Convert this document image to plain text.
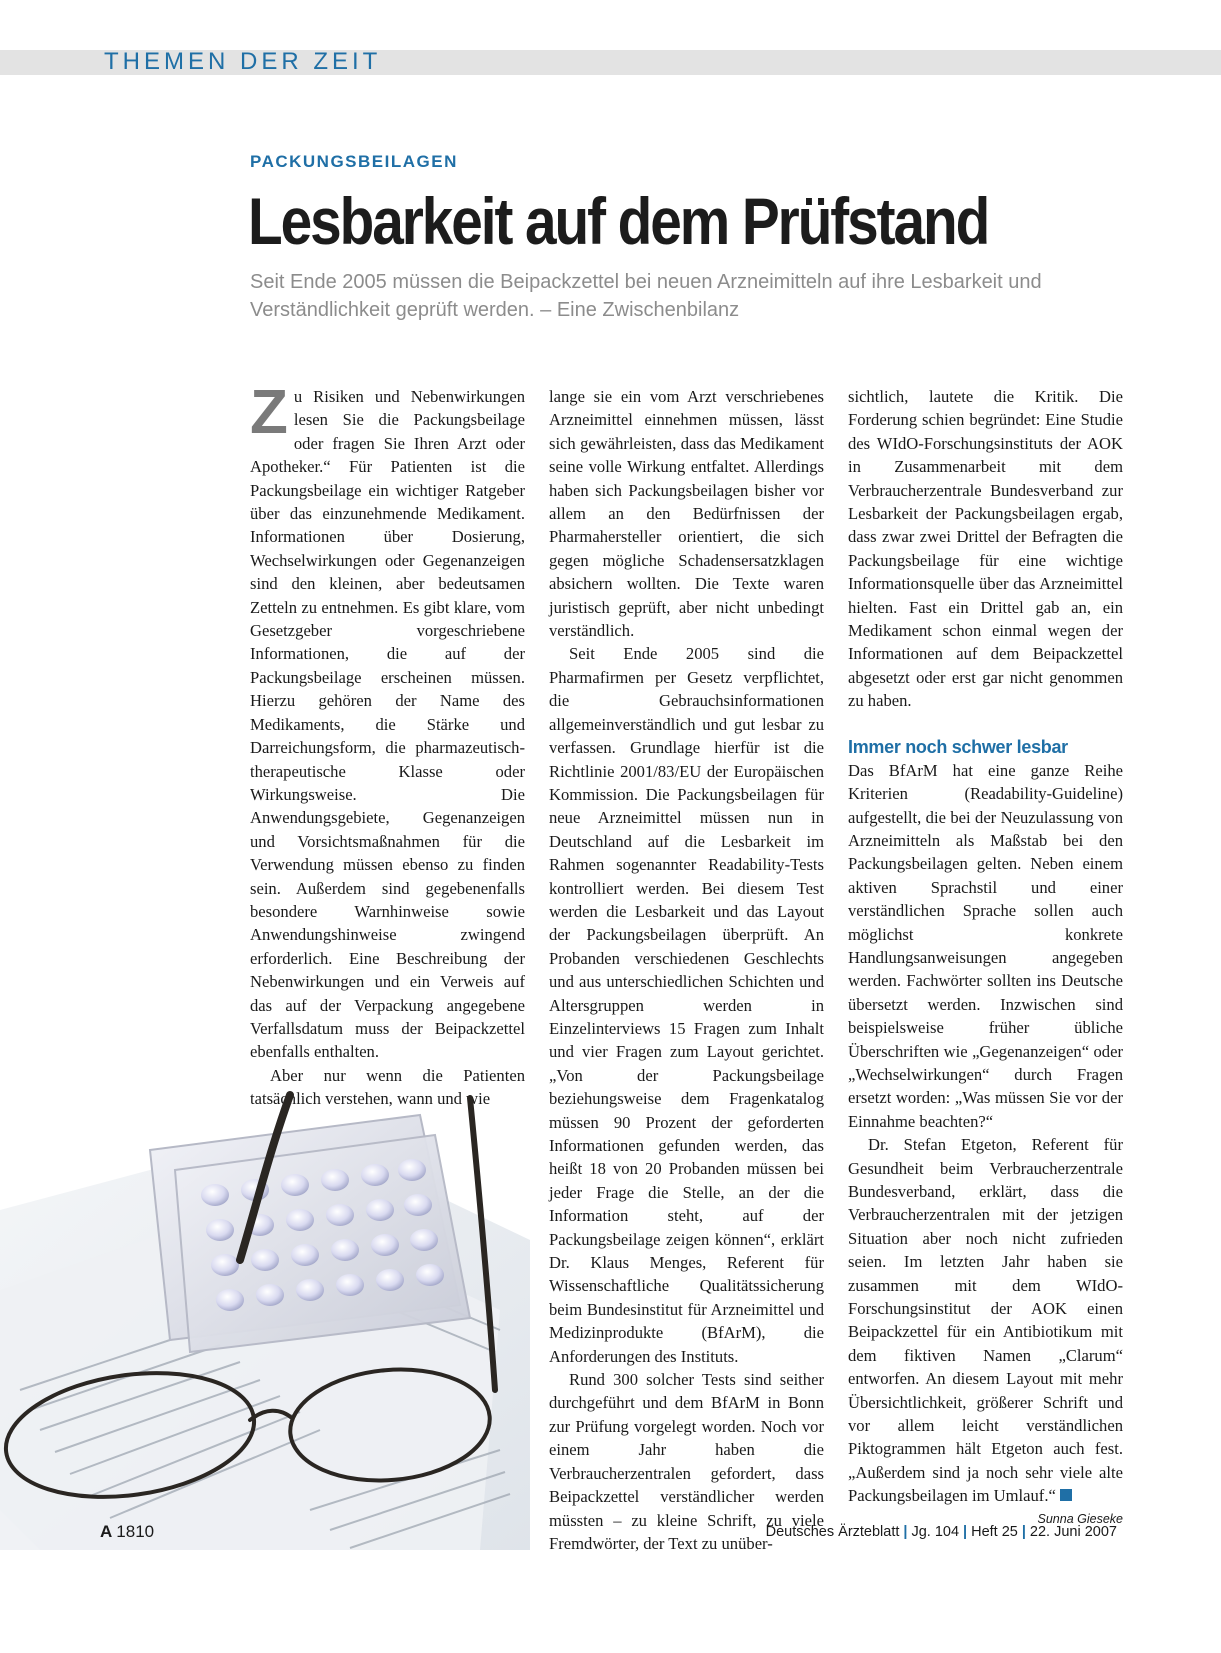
THEMEN DER ZEIT
PACKUNGSBEILAGEN
Lesbarkeit auf dem Prüfstand

Seit Ende 2005 müssen die Beipackzettel bei neuen Arzneimitteln auf ihre Lesbarkeit und Verständlichkeit geprüft werden. – Eine Zwischenbilanz

Zu Risiken und Nebenwirkungen lesen Sie die Packungsbeilage oder fragen Sie Ihren Arzt oder Apotheker.“ Für Patienten ist die Packungsbeilage ein wichtiger Ratgeber über das einzunehmende Medikament. Informationen über Dosierung, Wechselwirkungen oder Gegenanzeigen sind den kleinen, aber bedeutsamen Zetteln zu entnehmen. Es gibt klare, vom Gesetzgeber vorgeschriebene Informationen, die auf der Packungsbeilage erscheinen müssen. Hierzu gehören der Name des Medikaments, die Stärke und Darreichungsform, die pharmazeutisch-therapeutische Klasse oder Wirkungsweise. Die Anwendungsgebiete, Gegenanzeigen und Vorsichtsmaßnahmen für die Verwendung müssen ebenso zu finden sein. Außerdem sind gegebenenfalls besondere Warnhinweise sowie Anwendungshinweise zwingend erforderlich. Eine Beschreibung der Nebenwirkungen und ein Verweis auf das auf der Verpackung angegebene Verfallsdatum muss der Beipackzettel ebenfalls enthalten.

Aber nur wenn die Patienten tatsächlich verstehen, wann und wie

lange sie ein vom Arzt verschriebenes Arzneimittel einnehmen müssen, lässt sich gewährleisten, dass das Medikament seine volle Wirkung entfaltet. Allerdings haben sich Packungsbeilagen bisher vor allem an den Bedürfnissen der Pharmahersteller orientiert, die sich gegen mögliche Schadensersatzklagen absichern wollten. Die Texte waren juristisch geprüft, aber nicht unbedingt verständlich.

Seit Ende 2005 sind die Pharmafirmen per Gesetz verpflichtet, die Gebrauchsinformationen allgemeinverständlich und gut lesbar zu verfassen. Grundlage hierfür ist die Richtlinie 2001/83/EU der Europäischen Kommission. Die Packungsbeilagen für neue Arzneimittel müssen nun in Deutschland auf die Lesbarkeit im Rahmen sogenannter Readability-Tests kontrolliert werden. Bei diesem Test werden die Lesbarkeit und das Layout der Packungsbeilagen überprüft. An Probanden verschiedenen Geschlechts und aus unterschiedlichen Schichten und Altersgruppen werden in Einzelinterviews 15 Fragen zum Inhalt und vier Fragen zum Layout gerichtet. „Von der Packungsbeilage beziehungsweise dem Fragenkatalog müssen 90 Prozent der geforderten Informationen gefunden werden, das heißt 18 von 20 Probanden müssen bei jeder Frage die Stelle, an der die Information steht, auf der Packungsbeilage zeigen können“, erklärt Dr. Klaus Menges, Referent für Wissenschaftliche Qualitätssicherung beim Bundesinstitut für Arzneimittel und Medizinprodukte (BfArM), die Anforderungen des Instituts.

Rund 300 solcher Tests sind seither durchgeführt und dem BfArM in Bonn zur Prüfung vorgelegt worden. Noch vor einem Jahr haben die Verbraucherzentralen gefordert, dass Beipackzettel verständlicher werden müssten – zu kleine Schrift, zu viele Fremdwörter, der Text zu unüber-

sichtlich, lautete die Kritik. Die Forderung schien begründet: Eine Studie des WIdO-Forschungsinstituts der AOK in Zusammenarbeit mit dem Verbraucherzentrale Bundesverband zur Lesbarkeit der Packungsbeilagen ergab, dass zwar zwei Drittel der Befragten die Packungsbeilage für eine wichtige Informationsquelle über das Arzneimittel hielten. Fast ein Drittel gab an, ein Medikament schon einmal wegen der Informationen auf dem Beipackzettel abgesetzt oder erst gar nicht genommen zu haben.

Immer noch schwer lesbar

Das BfArM hat eine ganze Reihe Kriterien (Readability-Guideline) aufgestellt, die bei der Neuzulassung von Arzneimitteln als Maßstab bei den Packungsbeilagen gelten. Neben einem aktiven Sprachstil und einer verständlichen Sprache sollen auch möglichst konkrete Handlungsanweisungen angegeben werden. Fachwörter sollten ins Deutsche übersetzt werden. Inzwischen sind beispielsweise früher übliche Überschriften wie „Gegenanzeigen“ oder „Wechselwirkungen“ durch Fragen ersetzt worden: „Was müssen Sie vor der Einnahme beachten?“

Dr. Stefan Etgeton, Referent für Gesundheit beim Verbraucherzentrale Bundesverband, erklärt, dass die Verbraucherzentralen mit der jetzigen Situation aber noch nicht zufrieden seien. Im letzten Jahr haben sie zusammen mit dem WIdO-Forschungsinstitut der AOK einen Beipackzettel für ein Antibiotikum mit dem fiktiven Namen „Clarum“ entworfen. An diesem Layout mit mehr Übersichtlichkeit, größerer Schrift und vor allem leicht verständlichen Piktogrammen hält Etgeton auch fest. „Außerdem sind ja noch sehr viele alte Packungsbeilagen im Umlauf.“

Sunna Gieseke
A 1810	Deutsches Ärzteblatt | Jg. 104 | Heft 25 | 22. Juni 2007
